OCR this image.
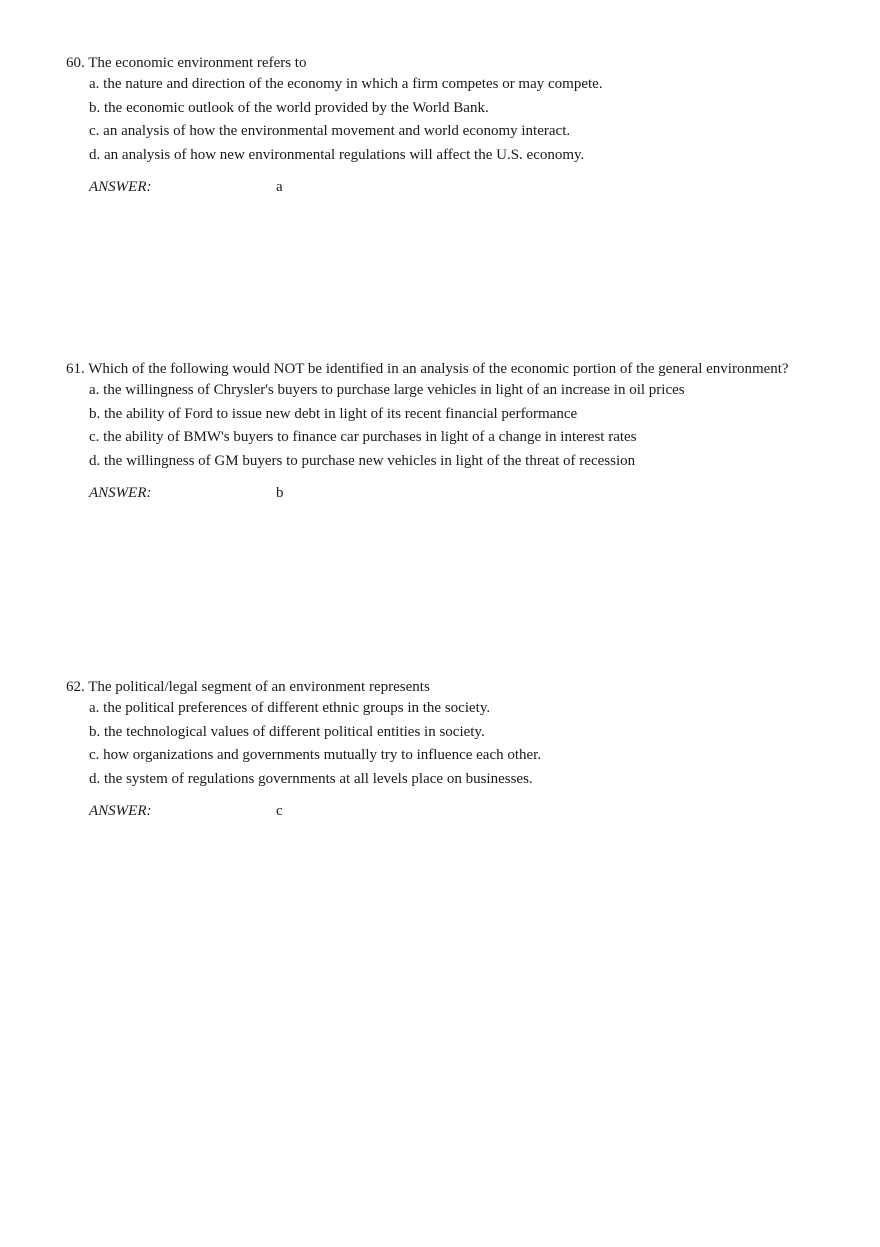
60. The economic environment refers to
a. the nature and direction of the economy in which a firm competes or may compete.
b. the economic outlook of the world provided by the World Bank.
c. an analysis of how the environmental movement and world economy interact.
d. an analysis of how new environmental regulations will affect the U.S. economy.
ANSWER:	a
61. Which of the following would NOT be identified in an analysis of the economic portion of the general environment?
a. the willingness of Chrysler's buyers to purchase large vehicles in light of an increase in oil prices
b. the ability of Ford to issue new debt in light of its recent financial performance
c. the ability of BMW's buyers to finance car purchases in light of a change in interest rates
d. the willingness of GM buyers to purchase new vehicles in light of the threat of recession
ANSWER:	b
62. The political/legal segment of an environment represents
a. the political preferences of different ethnic groups in the society.
b. the technological values of different political entities in society.
c. how organizations and governments mutually try to influence each other.
d. the system of regulations governments at all levels place on businesses.
ANSWER:	c
